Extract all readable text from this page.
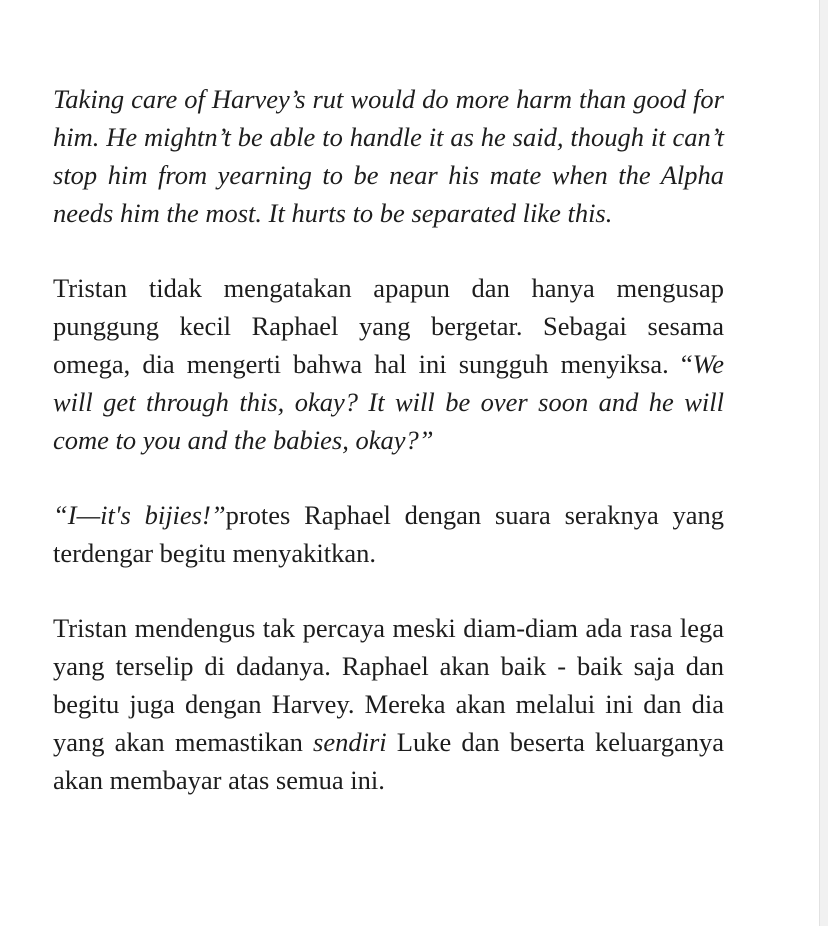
Taking care of Harvey’s rut would do more harm than good for him. He mightn’t be able to handle it as he said, though it can’t stop him from yearning to be near his mate when the Alpha needs him the most. It hurts to be separated like this.

Tristan tidak mengatakan apapun dan hanya mengusap punggung kecil Raphael yang bergetar. Sebagai sesama omega, dia mengerti bahwa hal ini sungguh menyiksa. “We will get through this, okay? It will be over soon and he will come to you and the babies, okay?”

“I—it's bijies!”protes Raphael dengan suara seraknya yang terdengar begitu menyakitkan.

Tristan mendengus tak percaya meski diam-diam ada rasa lega yang terselip di dadanya. Raphael akan baik - baik saja dan begitu juga dengan Harvey. Mereka akan melalui ini dan dia yang akan memastikan sendiri Luke dan beserta keluarganya akan membayar atas semua ini.
